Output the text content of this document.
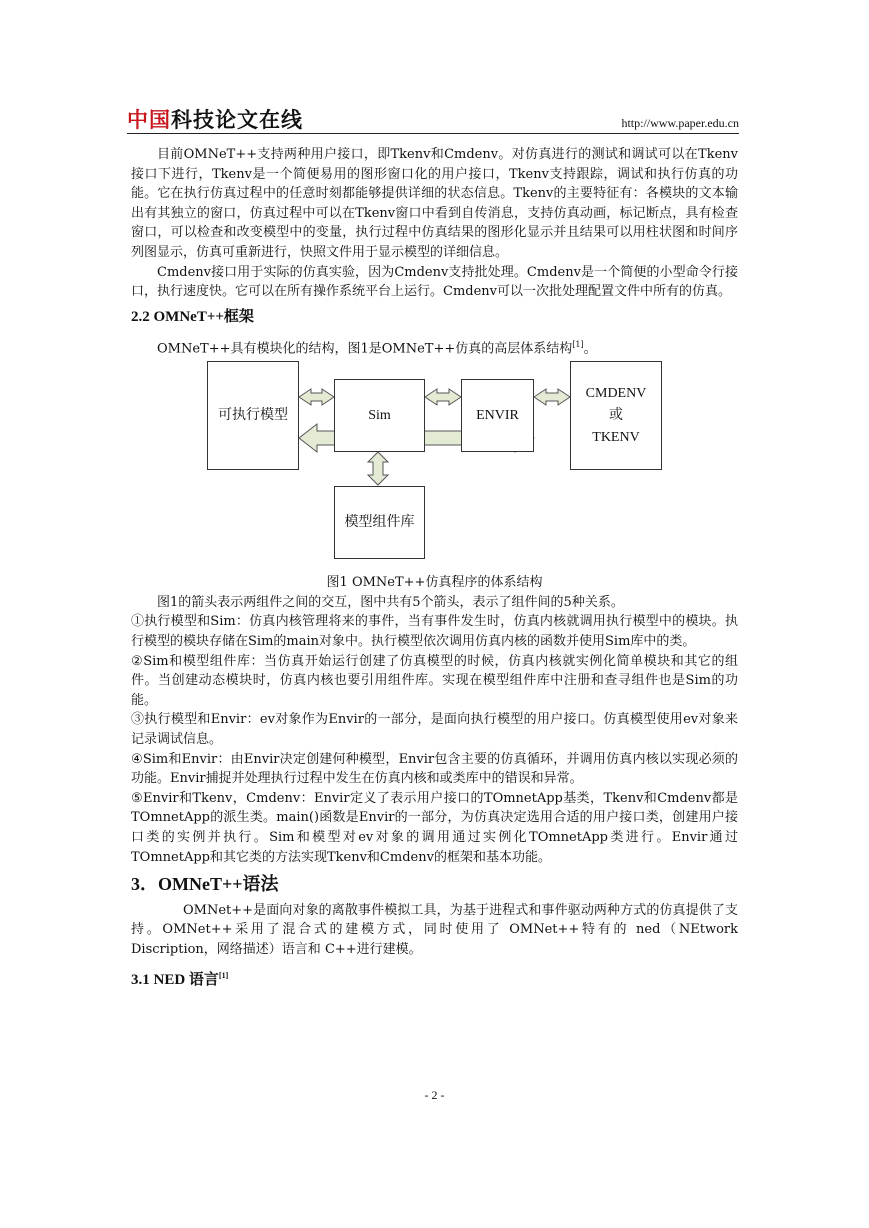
中国科技论文在线	http://www.paper.edu.cn

目前OMNeT++支持两种用户接口，即Tkenv和Cmdenv。对仿真进行的测试和调试可以在Tkenv接口下进行，Tkenv是一个简便易用的图形窗口化的用户接口，Tkenv支持跟踪，调试和执行仿真的功能。它在执行仿真过程中的任意时刻都能够提供详细的状态信息。Tkenv的主要特征有：各模块的文本输出有其独立的窗口，仿真过程中可以在Tkenv窗口中看到自传消息，支持仿真动画，标记断点，具有检查窗口，可以检查和改变模型中的变量，执行过程中仿真结果的图形化显示并且结果可以用柱状图和时间序列图显示，仿真可重新进行，快照文件用于显示模型的详细信息。

Cmdenv接口用于实际的仿真实验，因为Cmdenv支持批处理。Cmdenv是一个简便的小型命令行接口，执行速度快。它可以在所有操作系统平台上运行。Cmdenv可以一次批处理配置文件中所有的仿真。

2.2 OMNeT++框架

OMNeT++具有模块化的结构，图1是OMNeT++仿真的高层体系结构[1]。

可执行模型	Sim	ENVIR
CMDENV
或
TKENV
模型组件库

图1 OMNeT++仿真程序的体系结构

图1的箭头表示两组件之间的交互，图中共有5个箭头，表示了组件间的5种关系。

①执行模型和Sim：仿真内核管理将来的事件，当有事件发生时，仿真内核就调用执行模型中的模块。执行模型的模块存储在Sim的main对象中。执行模型依次调用仿真内核的函数并使用Sim库中的类。

②Sim和模型组件库：当仿真开始运行创建了仿真模型的时候，仿真内核就实例化简单模块和其它的组件。当创建动态模块时，仿真内核也要引用组件库。实现在模型组件库中注册和查寻组件也是Sim的功能。

③执行模型和Envir：ev对象作为Envir的一部分，是面向执行模型的用户接口。仿真模型使用ev对象来记录调试信息。

④Sim和Envir：由Envir决定创建何种模型，Envir包含主要的仿真循环，并调用仿真内核以实现必须的功能。Envir捕捉并处理执行过程中发生在仿真内核和或类库中的错误和异常。

⑤Envir和Tkenv，Cmdenv：Envir定义了表示用户接口的TOmnetApp基类，Tkenv和Cmdenv都是TOmnetApp的派生类。main()函数是Envir的一部分，为仿真决定选用合适的用户接口类，创建用户接口类的实例并执行。Sim和模型对ev对象的调用通过实例化TOmnetApp类进行。Envir通过TOmnetApp和其它类的方法实现Tkenv和Cmdenv的框架和基本功能。

3．OMNeT++语法

OMNet++是面向对象的离散事件模拟工具，为基于进程式和事件驱动两种方式的仿真提供了支持。OMNet++采用了混合式的建模方式，同时使用了 OMNet++特有的 ned（NEtwork Discription，网络描述）语言和 C++进行建模。

3.1 NED 语言[1]
- 2 -
